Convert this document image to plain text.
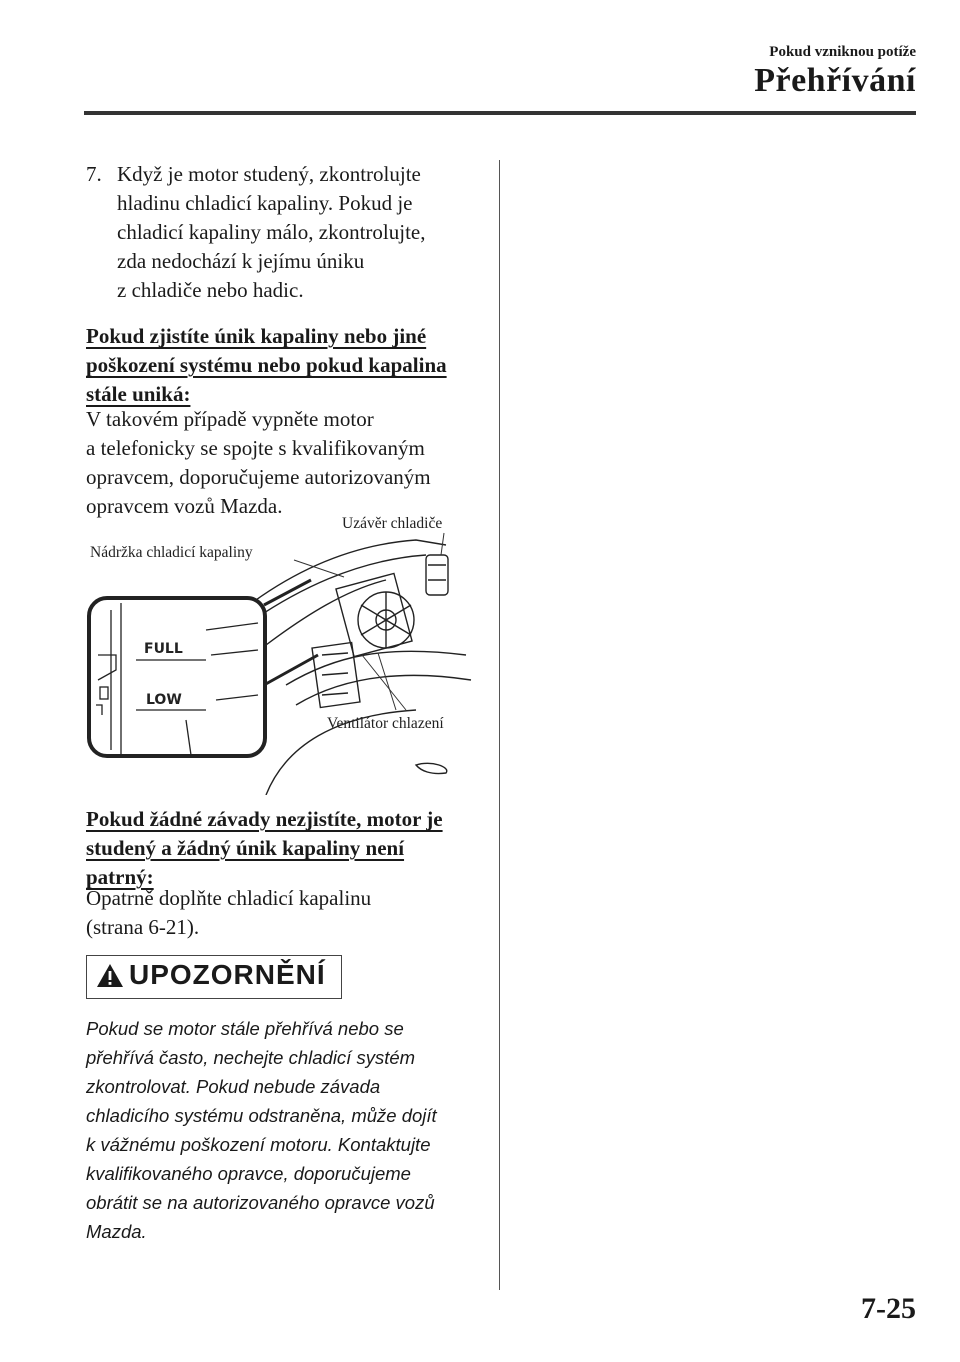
Pokud vzniknou potíže
Přehřívání
7. Když je motor studený, zkontrolujte
hladinu chladicí kapaliny. Pokud je
chladicí kapaliny málo, zkontrolujte,
zda nedochází k jejímu úniku
z chladiče nebo hadic.
Pokud zjistíte únik kapaliny nebo jiné
poškození systému nebo pokud kapalina
stále uniká:
V takovém případě vypněte motor
a telefonicky se spojte s kvalifikovaným
opravcem, doporučujeme autorizovaným
opravcem vozů Mazda.
FULL
LOW
Uzávěr chladiče
Nádržka chladicí kapaliny
Ventilátor chlazení
Pokud žádné závady nezjistíte, motor je
studený a žádný únik kapaliny není
patrný:
Opatrně doplňte chladicí kapalinu
(strana 6-21).
UPOZORNĚNÍ
Pokud se motor stále přehřívá nebo se
přehřívá často, nechejte chladicí systém
zkontrolovat. Pokud nebude závada
chladicího systému odstraněna, může dojít
k vážnému poškození motoru. Kontaktujte
kvalifikovaného opravce, doporučujeme
obrátit se na autorizovaného opravce vozů
Mazda.
7-25
